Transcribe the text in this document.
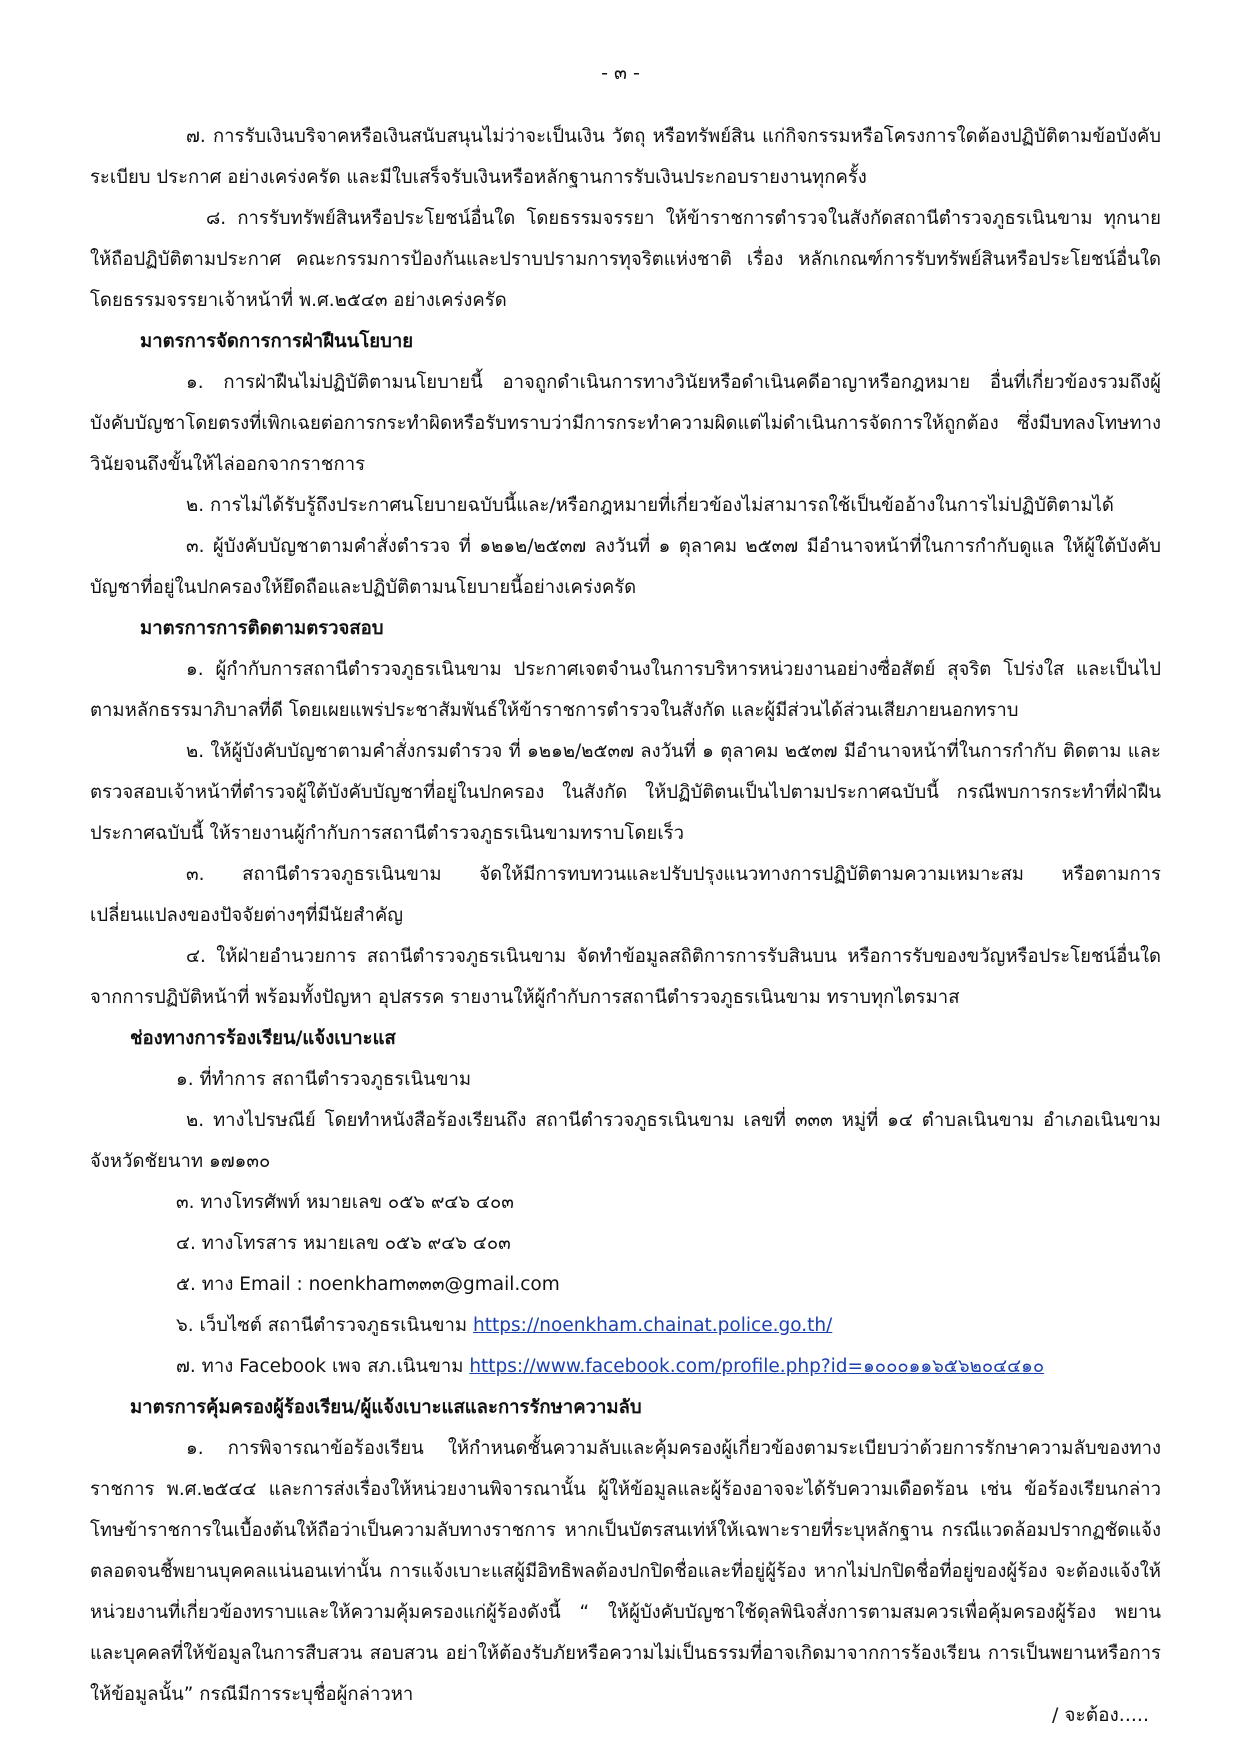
- ๓ -

๗. การรับเงินบริจาคหรือเงินสนับสนุนไม่ว่าจะเป็นเงิน วัตถุ หรือทรัพย์สิน แก่กิจกรรมหรือโครงการใดต้องปฏิบัติตามข้อบังคับ ระเบียบ ประกาศ อย่างเคร่งครัด และมีใบเสร็จรับเงินหรือหลักฐานการรับเงินประกอบรายงานทุกครั้ง

๘. การรับทรัพย์สินหรือประโยชน์อื่นใด โดยธรรมจรรยา ให้ข้าราชการตำรวจในสังกัดสถานีตำรวจภูธรเนินขาม ทุกนาย ให้ถือปฏิบัติตามประกาศ คณะกรรมการป้องกันและปราบปรามการทุจริตแห่งชาติ เรื่อง หลักเกณฑ์การรับทรัพย์สินหรือประโยชน์อื่นใดโดยธรรมจรรยาเจ้าหน้าที่ พ.ศ.๒๕๔๓ อย่างเคร่งครัด

มาตรการจัดการการฝ่าฝืนนโยบาย

๑. การฝ่าฝืนไม่ปฏิบัติตามนโยบายนี้ อาจถูกดำเนินการทางวินัยหรือดำเนินคดีอาญาหรือกฎหมาย อื่นที่เกี่ยวข้องรวมถึงผู้บังคับบัญชาโดยตรงที่เพิกเฉยต่อการกระทำผิดหรือรับทราบว่ามีการกระทำความผิดแต่ไม่ดำเนินการจัดการให้ถูกต้อง ซึ่งมีบทลงโทษทางวินัยจนถึงขั้นให้ไล่ออกจากราชการ

๒. การไม่ได้รับรู้ถึงประกาศนโยบายฉบับนี้และ/หรือกฎหมายที่เกี่ยวข้องไม่สามารถใช้เป็นข้ออ้างในการไม่ปฏิบัติตามได้

๓. ผู้บังคับบัญชาตามคำสั่งตำรวจ ที่ ๑๒๑๒/๒๕๓๗ ลงวันที่ ๑ ตุลาคม ๒๕๓๗ มีอำนาจหน้าที่ในการกำกับดูแล ให้ผู้ใต้บังคับบัญชาที่อยู่ในปกครองให้ยึดถือและปฏิบัติตามนโยบายนี้อย่างเคร่งครัด

มาตรการการติดตามตรวจสอบ

๑. ผู้กำกับการสถานีตำรวจภูธรเนินขาม ประกาศเจตจำนงในการบริหารหน่วยงานอย่างซื่อสัตย์ สุจริต โปร่งใส และเป็นไปตามหลักธรรมาภิบาลที่ดี โดยเผยแพร่ประชาสัมพันธ์ให้ข้าราชการตำรวจในสังกัด และผู้มีส่วนได้ส่วนเสียภายนอกทราบ

๒. ให้ผู้บังคับบัญชาตามคำสั่งกรมตำรวจ ที่ ๑๒๑๒/๒๕๓๗ ลงวันที่ ๑ ตุลาคม ๒๕๓๗ มีอำนาจหน้าที่ในการกำกับ ติดตาม และตรวจสอบเจ้าหน้าที่ตำรวจผู้ใต้บังคับบัญชาที่อยู่ในปกครอง ในสังกัด ให้ปฏิบัติตนเป็นไปตามประกาศฉบับนี้ กรณีพบการกระทำที่ฝ่าฝืนประกาศฉบับนี้ ให้รายงานผู้กำกับการสถานีตำรวจภูธรเนินขามทราบโดยเร็ว

๓. สถานีตำรวจภูธรเนินขาม จัดให้มีการทบทวนและปรับปรุงแนวทางการปฏิบัติตามความเหมาะสม หรือตามการเปลี่ยนแปลงของปัจจัยต่างๆที่มีนัยสำคัญ

๔. ให้ฝ่ายอำนวยการ สถานีตำรวจภูธรเนินขาม จัดทำข้อมูลสถิติการการรับสินบน หรือการรับของขวัญหรือประโยชน์อื่นใดจากการปฏิบัติหน้าที่ พร้อมทั้งปัญหา อุปสรรค รายงานให้ผู้กำกับการสถานีตำรวจภูธรเนินขาม ทราบทุกไตรมาส

ช่องทางการร้องเรียน/แจ้งเบาะแส

๑. ที่ทำการ สถานีตำรวจภูธรเนินขาม

๒. ทางไปรษณีย์ โดยทำหนังสือร้องเรียนถึง สถานีตำรวจภูธรเนินขาม เลขที่ ๓๓๓ หมู่ที่ ๑๔ ตำบลเนินขาม อำเภอเนินขาม จังหวัดชัยนาท ๑๗๑๓๐

๓. ทางโทรศัพท์ หมายเลข ๐๕๖ ๙๔๖ ๔๐๓

๔. ทางโทรสาร หมายเลข ๐๕๖ ๙๔๖ ๔๐๓

๕. ทาง Email : noenkham๓๓๓@gmail.com

๖. เว็บไซต์ สถานีตำรวจภูธรเนินขาม https://noenkham.chainat.police.go.th/

๗. ทาง Facebook เพจ สภ.เนินขาม https://www.facebook.com/profile.php?id=๑๐๐๐๑๑๖๕๖๒๐๔๔๑๐

มาตรการคุ้มครองผู้ร้องเรียน/ผู้แจ้งเบาะแสและการรักษาความลับ

๑. การพิจารณาข้อร้องเรียน ให้กำหนดชั้นความลับและคุ้มครองผู้เกี่ยวข้องตามระเบียบว่าด้วยการรักษาความลับของทางราชการ พ.ศ.๒๕๔๔ และการส่งเรื่องให้หน่วยงานพิจารณานั้น ผู้ให้ข้อมูลและผู้ร้องอาจจะได้รับความเดือดร้อน เช่น ข้อร้องเรียนกล่าวโทษข้าราชการในเบื้องต้นให้ถือว่าเป็นความลับทางราชการ หากเป็นบัตรสนเท่ห์ให้เฉพาะรายที่ระบุหลักฐาน กรณีแวดล้อมปรากฏชัดแจ้งตลอดจนชี้พยานบุคคลแน่นอนเท่านั้น การแจ้งเบาะแสผู้มีอิทธิพลต้องปกปิดชื่อและที่อยู่ผู้ร้อง หากไม่ปกปิดชื่อที่อยู่ของผู้ร้อง จะต้องแจ้งให้หน่วยงานที่เกี่ยวข้องทราบและให้ความคุ้มครองแก่ผู้ร้องดังนี้ “ ให้ผู้บังคับบัญชาใช้ดุลพินิจสั่งการตามสมควรเพื่อคุ้มครองผู้ร้อง พยาน และบุคคลที่ให้ข้อมูลในการสืบสวน สอบสวน อย่าให้ต้องรับภัยหรือความไม่เป็นธรรมที่อาจเกิดมาจากการร้องเรียน การเป็นพยานหรือการให้ข้อมูลนั้น” กรณีมีการระบุชื่อผู้กล่าวหา

/ จะต้อง.....
